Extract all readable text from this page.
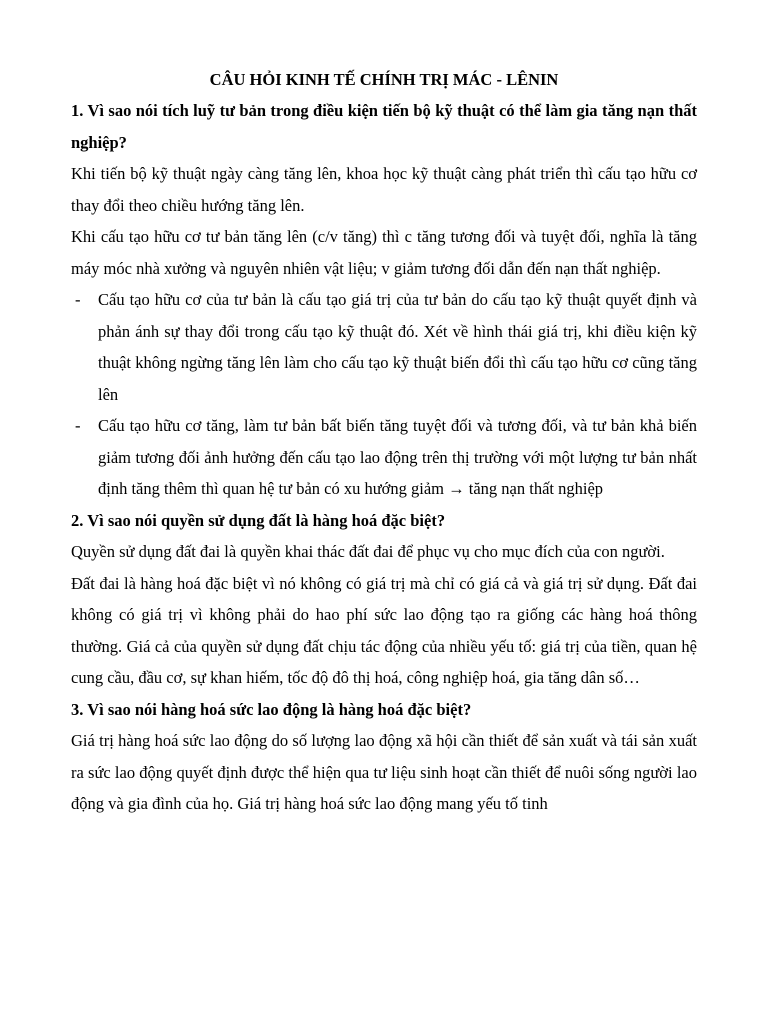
CÂU HỎI KINH TẾ CHÍNH TRỊ MÁC - LÊNIN

1. Vì sao nói tích luỹ tư bản trong điều kiện tiến bộ kỹ thuật có thể làm gia tăng nạn thất nghiệp?

Khi tiến bộ kỹ thuật ngày càng tăng lên, khoa học kỹ thuật càng phát triển thì cấu tạo hữu cơ thay đổi theo chiều hướng tăng lên.

Khi cấu tạo hữu cơ tư bản tăng lên (c/v tăng) thì c tăng tương đối và tuyệt đối, nghĩa là tăng máy móc nhà xưởng và nguyên nhiên vật liệu; v giảm tương đối dẫn đến nạn thất nghiệp.

- Cấu tạo hữu cơ của tư bản là cấu tạo giá trị của tư bản do cấu tạo kỹ thuật quyết định và phản ánh sự thay đổi trong cấu tạo kỹ thuật đó. Xét về hình thái giá trị, khi điều kiện kỹ thuật không ngừng tăng lên làm cho cấu tạo kỹ thuật biến đổi thì cấu tạo hữu cơ cũng tăng lên
- Cấu tạo hữu cơ tăng, làm tư bản bất biến tăng tuyệt đối và tương đối, và tư bản khả biến giảm tương đối ảnh hưởng đến cấu tạo lao động trên thị trường với một lượng tư bản nhất định tăng thêm thì quan hệ tư bản có xu hướng giảm → tăng nạn thất nghiệp

2. Vì sao nói quyền sử dụng đất là hàng hoá đặc biệt?

Quyền sử dụng đất đai là quyền khai thác đất đai để phục vụ cho mục đích của con người.

Đất đai là hàng hoá đặc biệt vì nó không có giá trị mà chỉ có giá cả và giá trị sử dụng. Đất đai không có giá trị vì không phải do hao phí sức lao động tạo ra giống các hàng hoá thông thường. Giá cả của quyền sử dụng đất chịu tác động của nhiều yếu tố: giá trị của tiền, quan hệ cung cầu, đầu cơ, sự khan hiếm, tốc độ đô thị hoá, công nghiệp hoá, gia tăng dân số…

3. Vì sao nói hàng hoá sức lao động là hàng hoá đặc biệt?

Giá trị hàng hoá sức lao động do số lượng lao động xã hội cần thiết để sản xuất và tái sản xuất ra sức lao động quyết định được thể hiện qua tư liệu sinh hoạt cần thiết để nuôi sống người lao động và gia đình của họ. Giá trị hàng hoá sức lao động mang yếu tố tinh
